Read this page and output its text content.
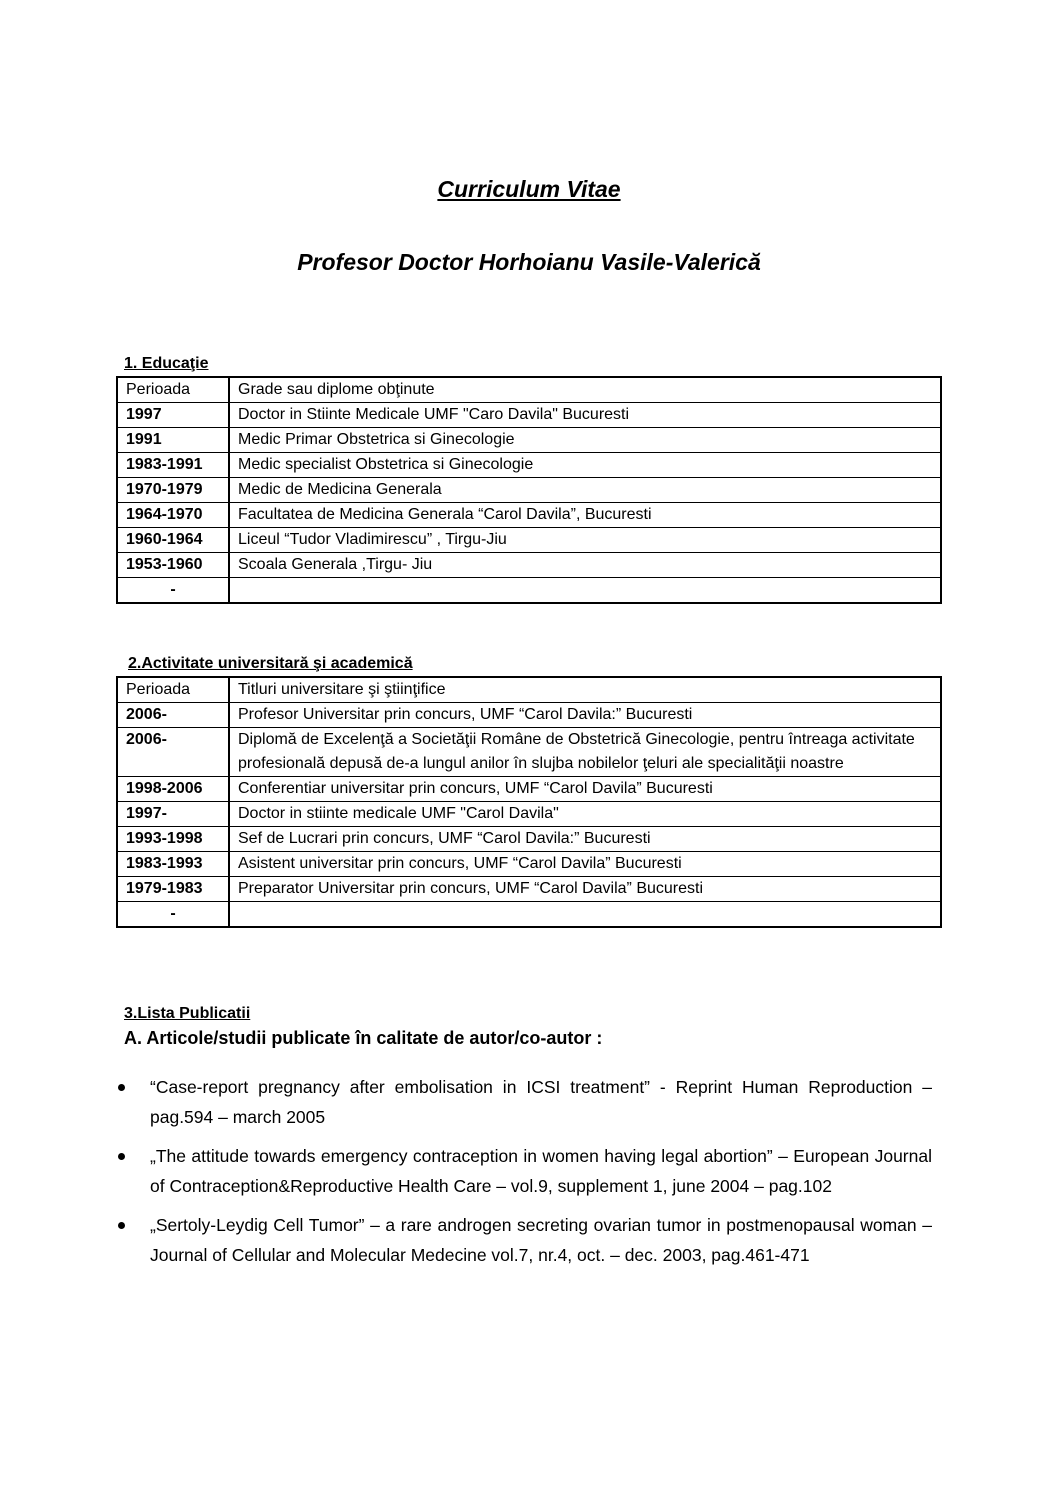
Curriculum Vitae
Profesor Doctor Horhoianu Vasile-Valerică

1. Educaţie

Perioada	Grade sau diplome obţinute
1997	Doctor in Stiinte Medicale UMF "Caro Davila" Bucuresti
1991	Medic Primar Obstetrica si Ginecologie
1983-1991	Medic specialist Obstetrica si Ginecologie
1970-1979	Medic de Medicina Generala
1964-1970	Facultatea de Medicina Generala “Carol Davila”, Bucuresti
1960-1964	Liceul “Tudor Vladimirescu” , Tirgu-Jiu
1953-1960	Scoala Generala ,Tirgu- Jiu
-	

2.Activitate universitară şi academică

Perioada	Titluri universitare şi ştiinţifice
2006-	Profesor Universitar prin concurs, UMF “Carol Davila:” Bucuresti
2006-	Diplomă de Excelenţă a Societăţii Române de Obstetrică Ginecologie, pentru întreaga activitate profesională depusă de-a lungul anilor în slujba nobilelor ţeluri ale specialităţii noastre
1998-2006	Conferentiar universitar prin concurs, UMF “Carol Davila” Bucuresti
1997-	Doctor in stiinte medicale UMF "Carol Davila"
1993-1998	Sef de Lucrari prin concurs, UMF “Carol Davila:” Bucuresti
1983-1993	Asistent universitar prin concurs, UMF “Carol Davila” Bucuresti
1979-1983	Preparator Universitar prin concurs, UMF “Carol Davila” Bucuresti
-	

3.Lista Publicatii

A. Articole/studii publicate în calitate de autor/co-autor :

“Case-report pregnancy after embolisation in ICSI treatment” - Reprint Human Reproduction – pag.594 – march 2005
„The attitude towards emergency contraception in women having legal abortion” – European Journal of Contraception&Reproductive Health Care – vol.9, supplement 1, june 2004 – pag.102
„Sertoly-Leydig Cell Tumor” – a rare androgen secreting ovarian tumor in postmenopausal woman – Journal of Cellular and Molecular Medecine vol.7, nr.4, oct. – dec. 2003, pag.461-471
